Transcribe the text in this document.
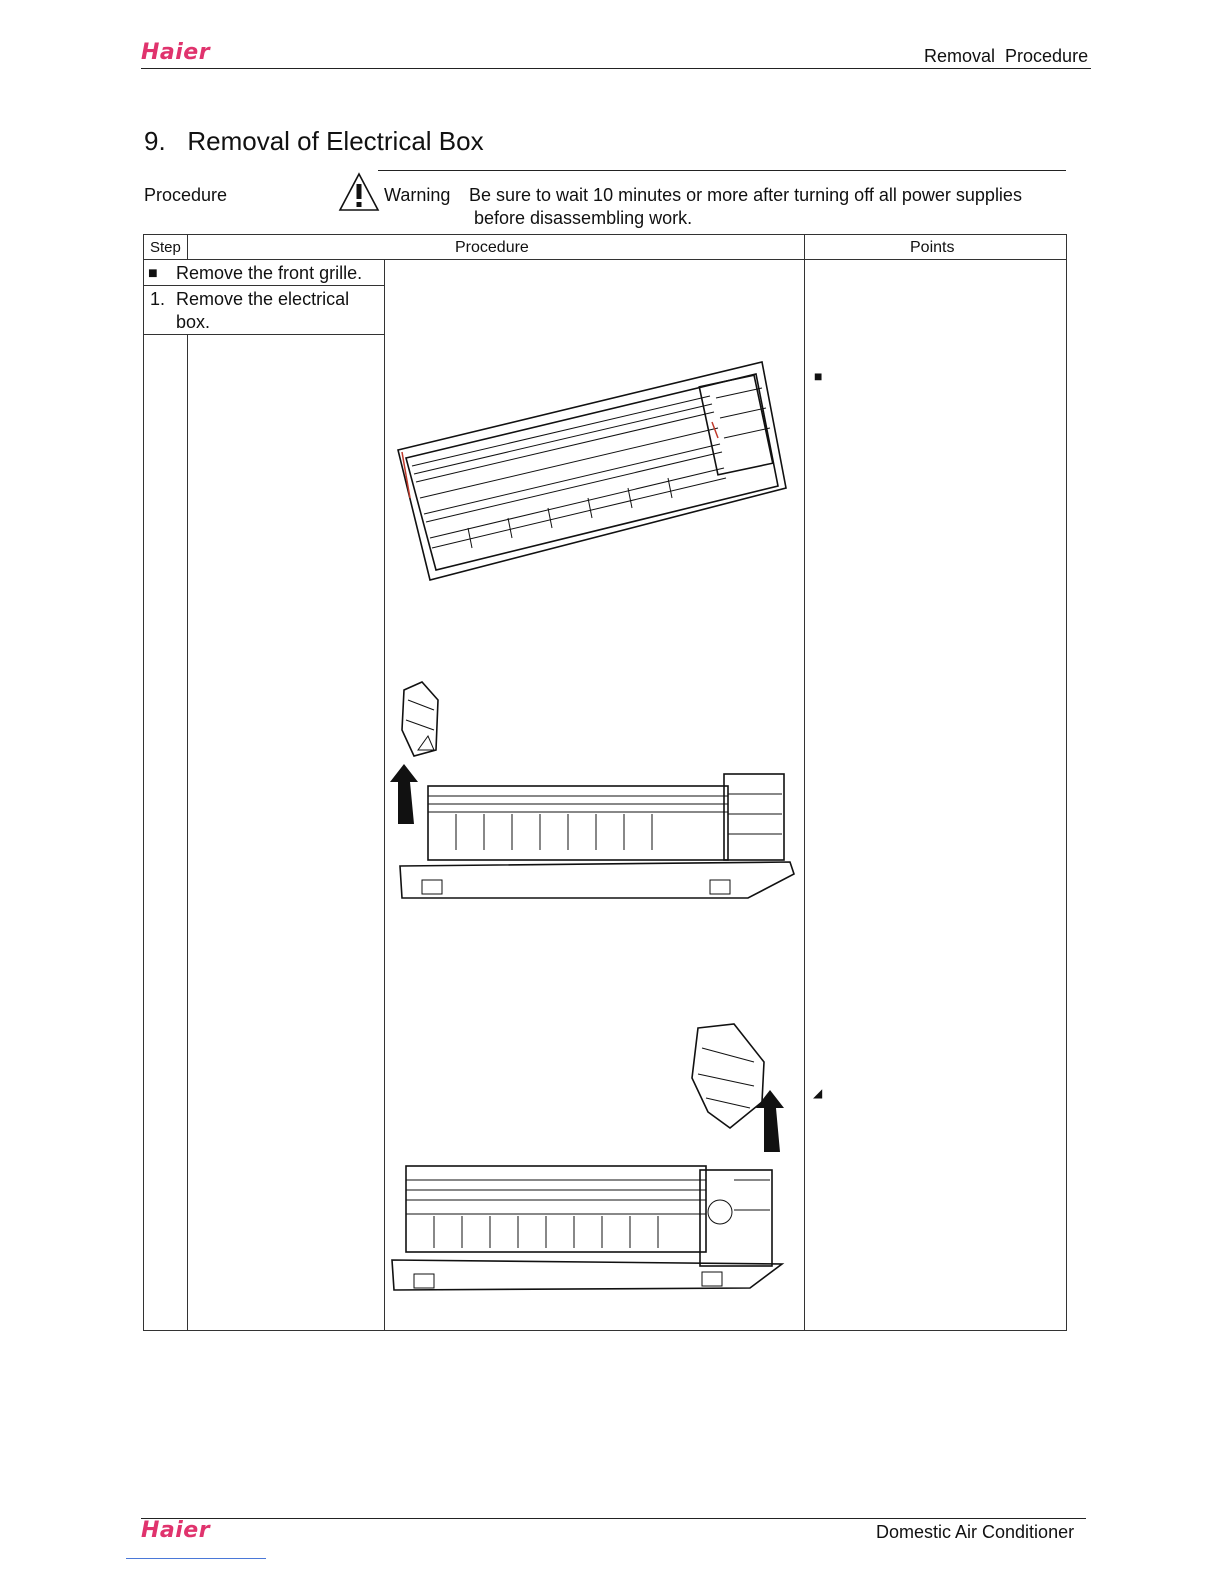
Haier	Removal  Procedure
9.   Removal of Electrical Box
Procedure	Warning Be sure to wait 10 minutes or more after turning off all power supplies
before disassembling work.
Step	Procedure	Points
■ Remove the front grille.
1. Remove the electrical
box.
■
◢
Haier	Domestic Air Conditioner
